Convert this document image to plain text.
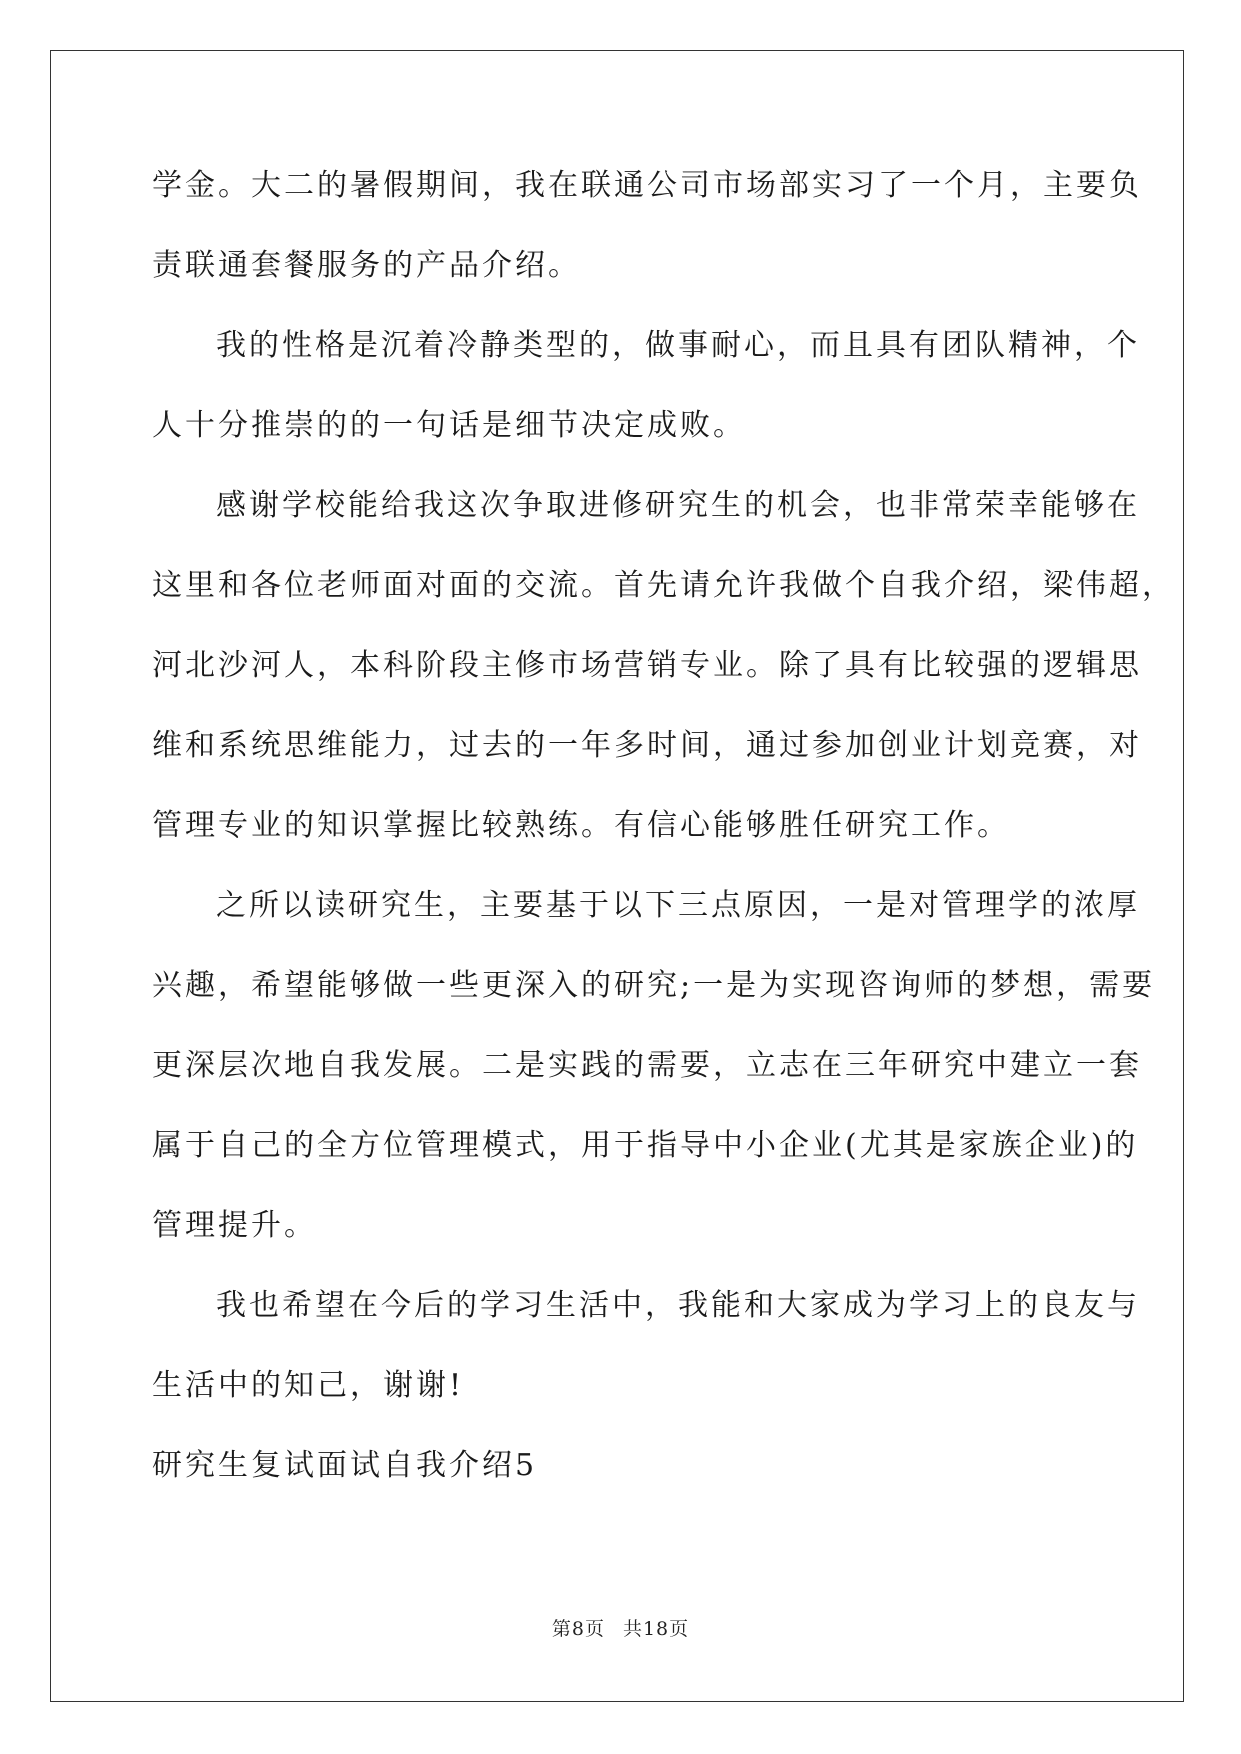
学金。大二的暑假期间，我在联通公司市场部实习了一个月，主要负
责联通套餐服务的产品介绍。
我的性格是沉着冷静类型的，做事耐心，而且具有团队精神，个
人十分推崇的的一句话是细节决定成败。
感谢学校能给我这次争取进修研究生的机会，也非常荣幸能够在
这里和各位老师面对面的交流。首先请允许我做个自我介绍，梁伟超，
河北沙河人，本科阶段主修市场营销专业。除了具有比较强的逻辑思
维和系统思维能力，过去的一年多时间，通过参加创业计划竞赛，对
管理专业的知识掌握比较熟练。有信心能够胜任研究工作。
之所以读研究生，主要基于以下三点原因，一是对管理学的浓厚
兴趣，希望能够做一些更深入的研究;一是为实现咨询师的梦想，需要
更深层次地自我发展。二是实践的需要，立志在三年研究中建立一套
属于自己的全方位管理模式，用于指导中小企业(尤其是家族企业)的
管理提升。
我也希望在今后的学习生活中，我能和大家成为学习上的良友与
生活中的知己，谢谢!
研究生复试面试自我介绍5
第8页 共18页
